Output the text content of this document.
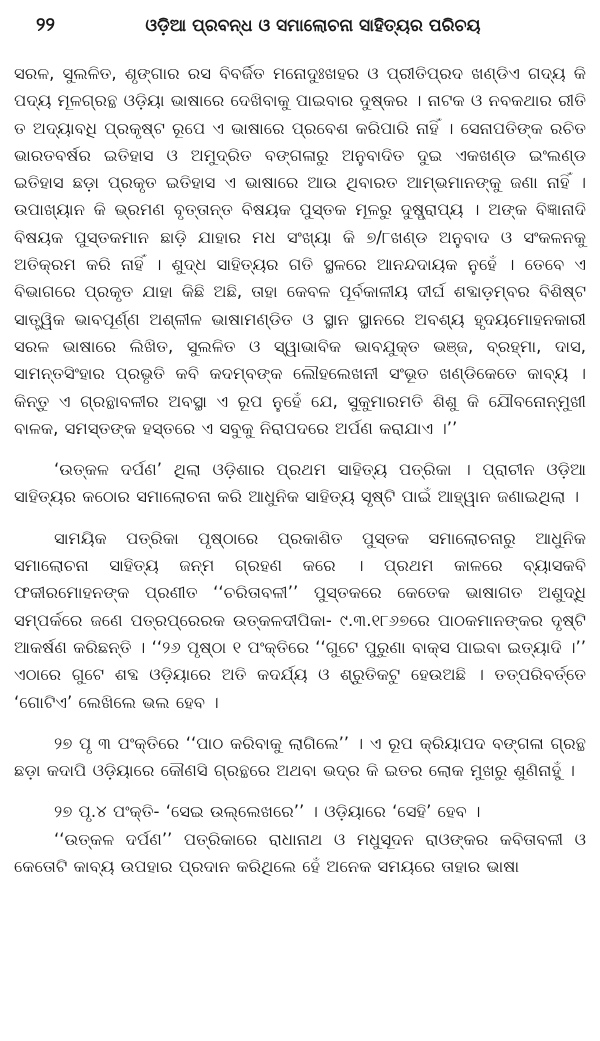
୨୨	ଓଡ଼ିଆ ପ୍ରବନ୍ଧ ଓ ସମାଲୋଚନା ସାହିତ୍ୟର ପରିଚୟ

ସରଳ, ସୁଲଳିତ, ଶୃଙ୍ଗାର ରସ ବିବର୍ଜିତ ମନୋଦୁଃଖହର ଓ ପ୍ରୀତିପ୍ରଦ ଖଣ୍ଡିଏ ଗଦ୍ୟ କି ପଦ୍ୟ ମୂଳଗ୍ରନ୍ଥ ଓଡ଼ିୟା ଭାଷାରେ ଦେଖିବାକୁ ପାଇବାର ଦୁଷ୍କର । ନାଟକ ଓ ନବକଥାର ରୀତି ତ ଅଦ୍ୟାବଧି ପ୍ରକୃଷ୍ଟ ରୂପେ ଏ ଭାଷାରେ ପ୍ରବେଶ କରିପାରି ନାହିଁ । ସେନାପତିଙ୍କ ରଚିତ ଭାରତବର୍ଷର ଇତିହାସ ଓ ଅମୁଦ୍ରିତ ବଙ୍ଗଳାରୁ ଅନୁବାଦିତ ଦୁଇ ଏକଖଣ୍ଡ ଇଂଲଣ୍ଡ ଇତିହାସ ଛଡ଼ା ପ୍ରକୃତ ଇତିହାସ ଏ ଭାଷାରେ ଆଉ ଥିବାରତ ଆମ୍ଭମାନଙ୍କୁ ଜଣା ନାହିଁ । ଉପାଖ୍ୟାନ କି ଭ୍ରମଣ ବୃତ୍ତାନ୍ତ ବିଷୟକ ପୁସ୍ତକ ମୂଳରୁ ଦୁଷ୍ପ୍ରାପ୍ୟ । ଅଙ୍କ ବିଜ୍ଞାନାଦି ବିଷୟକ ପୁସ୍ତକମାନ ଛାଡ଼ି ଯାହାର ମଧ ସଂଖ୍ୟା କି ୭/୮ଖଣ୍ଡ ଅନୁବାଦ ଓ ସଂକଳନକୁ ଅତିକ୍ରମ କରି ନାହିଁ । ଶୁଦ୍ଧ ସାହିତ୍ୟର ଗତି ସ୍ଥଳରେ ଆନନ୍ଦଦାୟକ ନୁହେଁ । ତେବେ ଏ ବିଭାଗରେ ପ୍ରକୃତ ଯାହା କିଛି ଅଛି, ତାହା କେବଳ ପୂର୍ବକାଳୀୟ ଦୀର୍ଘ ଶବ୍ଦାଡ଼ମ୍ବର ବିଶିଷ୍ଟ ସାତ୍ତ୍ୱିକ ଭାବପୂର୍ଣ୍ଣ ଅଶ୍ଳୀଳ ଭାଷାମଣ୍ଡିତ ଓ ସ୍ଥାନ ସ୍ଥାନରେ ଅବଶ୍ୟ ହୃଦୟମୋହନକାରୀ ସରଳ ଭାଷାରେ ଲିଖିତ, ସୁଲଳିତ ଓ ସ୍ୱାଭାବିକ ଭାବଯୁକ୍ତ ଭଞ୍ଜ, ବ୍ରହ୍ମା, ଦାସ, ସାମନ୍ତସିଂହାର ପ୍ରଭୃତି କବି କଦମ୍ବଙ୍କ ଲୌହଲେଖନୀ ସଂଭୂତ ଖଣ୍ଡିକେତେ କାବ୍ୟ । କିନ୍ତୁ ଏ ଗ୍ରନ୍ଥାବଳୀର ଅବସ୍ଥା ଏ ରୂପ ନୁହେଁ ଯେ, ସୁକୁମାରମତି ଶିଶୁ କି ଯୌବନୋନ୍ମୁଖୀ ବାଳକ, ସମସ୍ତଙ୍କ ହସ୍ତରେ ଏ ସବୁକୁ ନିରାପଦରେ ଅର୍ପଣ କରାଯାଏ ।’’

‘ଉତ୍କଳ ଦର୍ପଣ’ ଥିଲା ଓଡ଼ିଶାର ପ୍ରଥମ ସାହିତ୍ୟ ପତ୍ରିକା । ପ୍ରାଚୀନ ଓଡ଼ିଆ ସାହିତ୍ୟର କଠୋର ସମାଲୋଚନା କରି ଆଧୁନିକ ସାହିତ୍ୟ ସୃଷ୍ଟି ପାଇଁ ଆହ୍ୱାନ ଜଣାଇଥିଲା ।

ସାମୟିକ ପତ୍ରିକା ପୃଷ୍ଠାରେ ପ୍ରକାଶିତ ପୁସ୍ତକ ସମାଲୋଚନାରୁ ଆଧୁନିକ ସମାଲୋଚନା ସାହିତ୍ୟ ଜନ୍ମ ଗ୍ରହଣ କରେ । ପ୍ରଥମ କାଳରେ ବ୍ୟାସକବି ଫକୀରମୋହନଙ୍କ ପ୍ରଣୀତ ‘‘ଚରିତାବଳୀ’’ ପୁସ୍ତକରେ କେତେକ ଭାଷାଗତ ଅଶୁଦ୍ଧି ସମ୍ପର୍କରେ ଜଣେ ପତ୍ରପ୍ରେରକ ଉତ୍କଳଦୀପିକା- ୯.୩.୧୮୬୭ରେ ପାଠକମାନଙ୍କର ଦୃଷ୍ଟି ଆକର୍ଷଣ କରିଛନ୍ତି । ‘‘୨୬ ପୃଷ୍ଠା ୧ ପଂକ୍ତିରେ ‘‘ଗୁଟେ ପୁରୁଣା ବାକ୍ସ ପାଇବା ଇତ୍ୟାଦି ।’’ ଏଠାରେ ଗୁଟେ ଶବ୍ଦ ଓଡ଼ିୟାରେ ଅତି କଦର୍ଯ୍ୟ ଓ ଶ୍ରୁତିକଟୁ ହେଉଅଛି । ତତ୍‌ପରିବର୍ତ୍ତେ ‘ଗୋଟିଏ’ ଲେଖିଲେ ଭଲ ହେବ ।

୨୭ ପୃ ୩ ପଂକ୍ତିରେ ‘‘ପାଠ କରିବାକୁ ଲାଗିଲେ’’ । ଏ ରୂପ କ୍ରିୟାପଦ ବଙ୍ଗଳା ଗ୍ରନ୍ଥ ଛଡ଼ା କଦାପି ଓଡ଼ିୟାରେ କୌଣସି ଗ୍ରନ୍ଥରେ ଅଥବା ଭଦ୍ର କି ଇତର ଲୋକ ମୁଖରୁ ଶୁଣିନାହୁଁ ।

୨୭ ପୃ.୪ ପଂକ୍ତି- ‘ସେଇ ଉଲ୍ଲେଖରେ’’ । ଓଡ଼ିୟାରେ ‘ସେହି’ ହେବ ।

‘‘ଉତ୍କଳ ଦର୍ପଣ’’ ପତ୍ରିକାରେ ରାଧାନାଥ ଓ ମଧୁସୂଦନ ରାଓଙ୍କର କବିତାବଳୀ ଓ କେତୋଟି କାବ୍ୟ ଉପହାର ପ୍ରଦାନ କରିଥିଲେ ହେଁ ଅନେକ ସମୟରେ ତାହାର ଭାଷା
